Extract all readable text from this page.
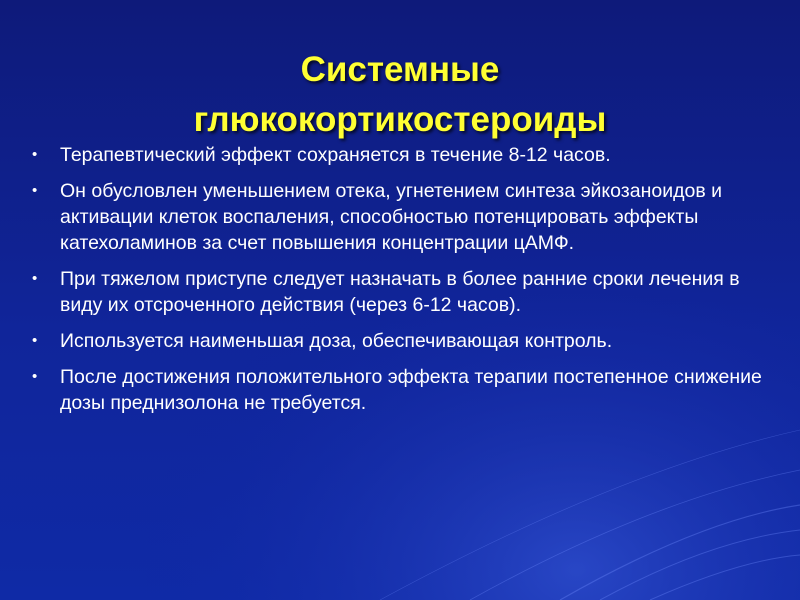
Системные
глюкокортикостероиды
• Терапевтический эффект сохраняется в течение 8-12 часов.
• Он обусловлен уменьшением отека, угнетением синтеза эйкозаноидов и активации клеток воспаления, способностью потенцировать эффекты катехоламинов за счет повышения концентрации цАМФ.
• При тяжелом приступе следует назначать в более ранние сроки лечения в виду их отсроченного действия (через 6-12 часов).
• Используется наименьшая доза, обеспечивающая контроль.
• После достижения положительного эффекта терапии постепенное снижение дозы преднизолона не требуется.
